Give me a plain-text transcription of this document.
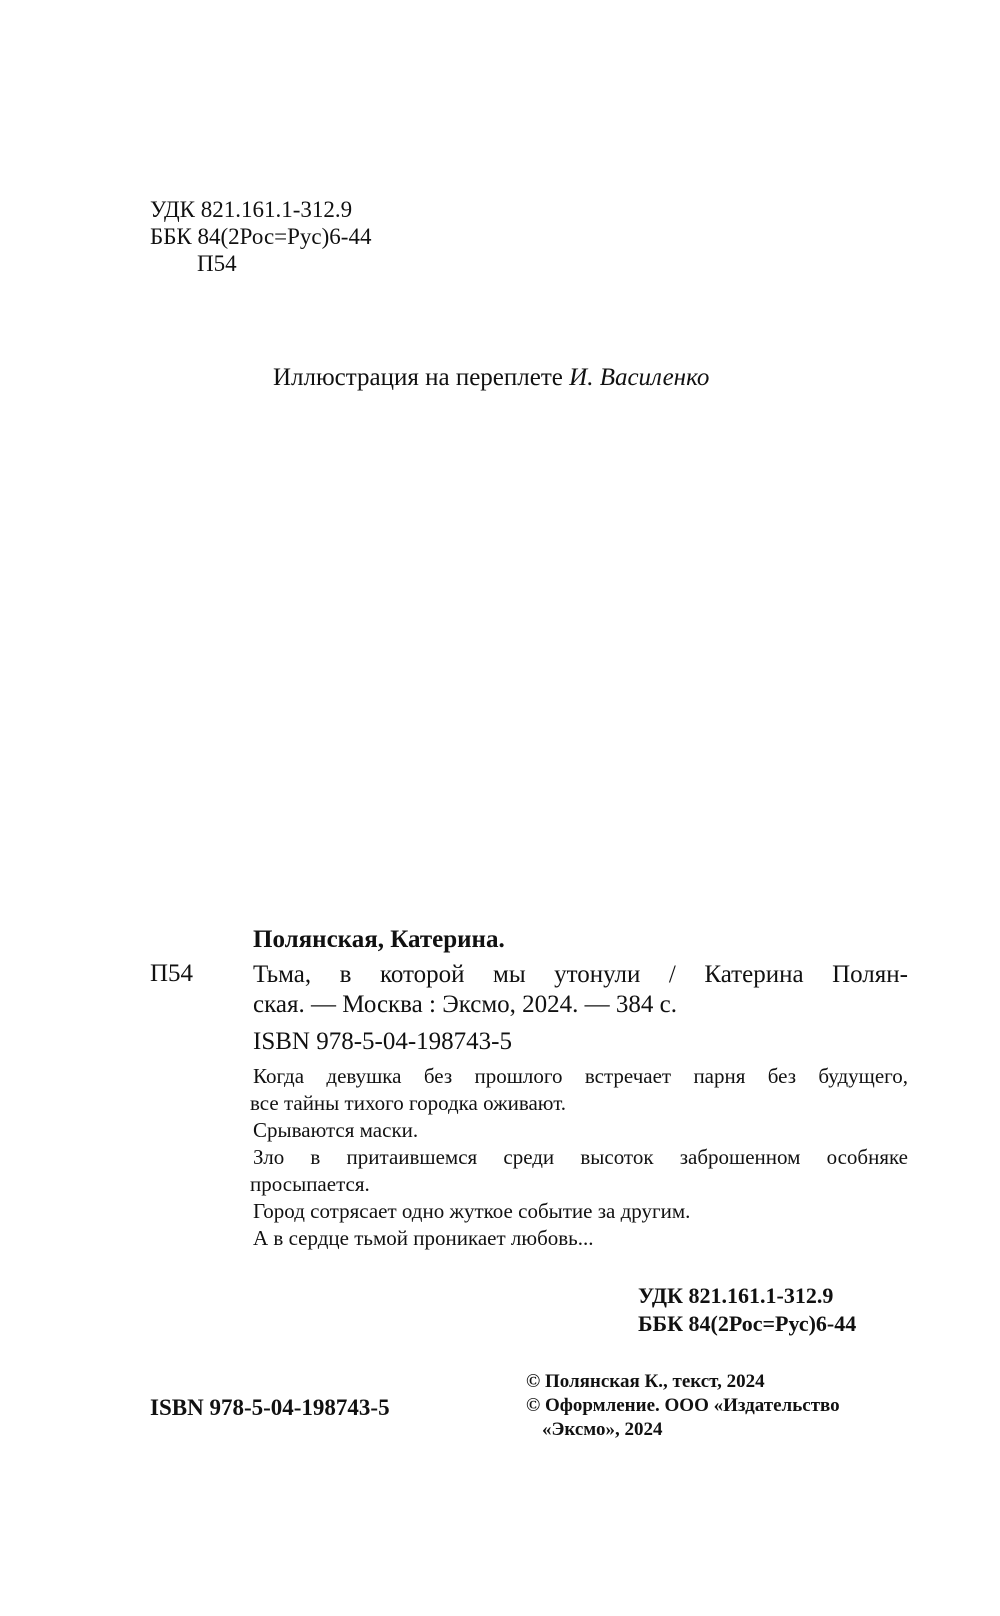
УДК 821.161.1-312.9
ББК 84(2Рос=Рус)6-44
П54
Иллюстрация на переплете И. Василенко
Полянская, Катерина.
П54 Тьма, в которой мы утонули / Катерина Полян-
ская. — Москва : Эксмо, 2024. — 384 с.
ISBN 978-5-04-198743-5
Когда девушка без прошлого встречает парня без будущего,
все тайны тихого городка оживают.
Срываются маски.
Зло в притаившемся среди высоток заброшенном особняке
просыпается.
Город сотрясает одно жуткое событие за другим.
А в сердце тьмой проникает любовь...
УДК 821.161.1-312.9
ББК 84(2Рос=Рус)6-44
ISBN 978-5-04-198743-5
© Полянская К., текст, 2024
© Оформление. ООО «Издательство
«Эксмо», 2024
